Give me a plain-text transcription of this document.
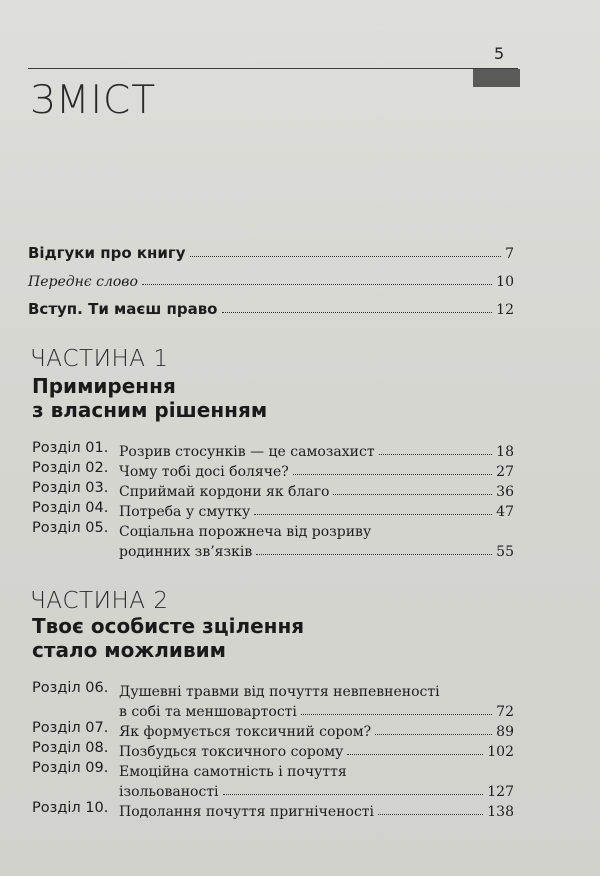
5
ЗМІСТ
Відгуки про книгу	7
Переднє слово	10
Вступ. Ти маєш право	12
ЧАСТИНА 1
Примирення
з власним рішенням
Розділ 01. Розрив стосунків — це самозахист	18
Розділ 02. Чому тобі досі боляче?	27
Розділ 03. Сприймай кордони як благо	36
Розділ 04. Потреба у смутку	47
Розділ 05. Соціальна порожнеча від розриву
родинних зв’язків	55
ЧАСТИНА 2
Твоє особисте зцілення
стало можливим
Розділ 06. Душевні травми від почуття невпевненості
в собі та меншовартості	72
Розділ 07. Як формується токсичний сором?	89
Розділ 08. Позбудься токсичного сорому	102
Розділ 09. Емоційна самотність і почуття
ізольованості	127
Розділ 10. Подолання почуття пригніченості	138
